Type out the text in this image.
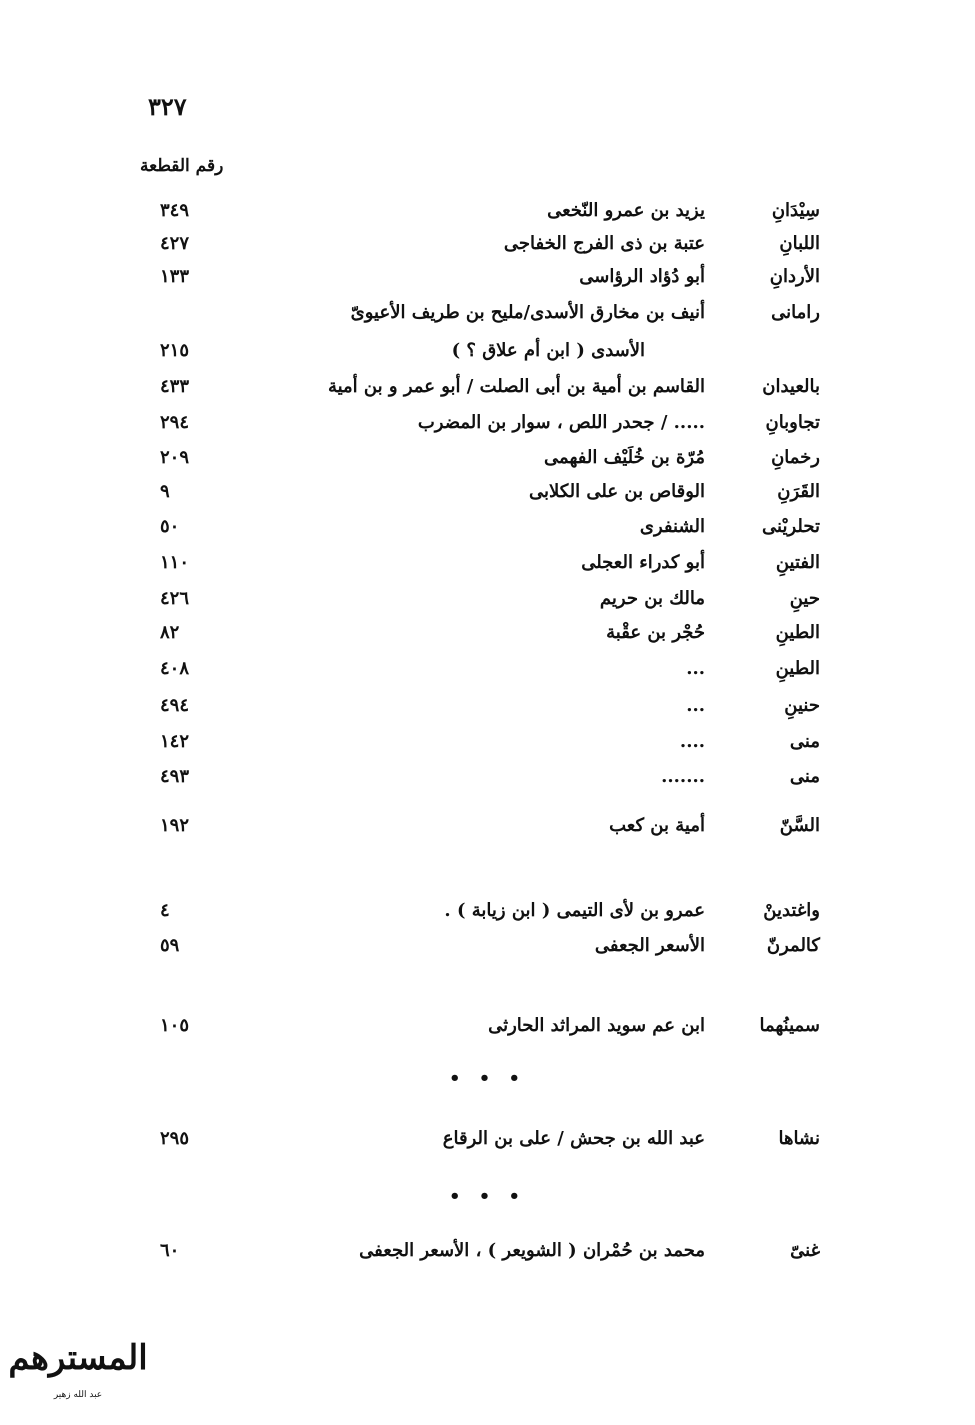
٣٢٧
رقم القطعة
سِيْدَانِ
يزيد بن عمرو النّخعى
٣٤٩
اللبانِ
عتبة بن ذى الفرج الخفاجى
٤٢٧
الأردانِ
أبو دُؤاد الرؤاسى
١٣٣
رامانى
أنيف بن مخارق الأسدى/مليح بن طريف الأعيوىّ
الأسدى ( ابن أم علاق ؟ )
٢١٥
بالعيدان
القاسم بن أمية بن أبى الصلت / أبو عمر و بن أمية
٤٣٣
تجاوبانِ
..... / جحدر اللص ، سوار بن المضرب
٢٩٤
رخمانِ
مُرّة بن خُلَيْف الفهمى
٢٠٩
القَرَنِ
الوقاص بن على الكلابى
٩
تحلريْنى
الشنفرى
٥٠
الفتينِ
أبو كدراء العجلى
١١٠
حينِ
مالك بن حريم
٤٢٦
الطينِ
حُجْر بن عقْبة
٨٢
الطينِ
...
٤٠٨
حنينِ
...
٤٩٤
منى
....
١٤٢
منى
.......
٤٩٣
السَّنّ
أمية بن كعب
١٩٢
واغتدينْ
عمرو بن لأى التيمى ( ابن زيابة ) .
٤
كالمرنّ
الأسعر الجعفى
٥٩
سمينُهما
ابن عم سويد المراثد الحارثى
١٠٥
• • •
نشاها
عبد الله بن جحش / على بن الرقاع
٢٩٥
• • •
غنىّ
محمد بن حُمْران ( الشويعر ) ، الأسعر الجعفى
٦٠
المسترهم
عبد الله زهير
